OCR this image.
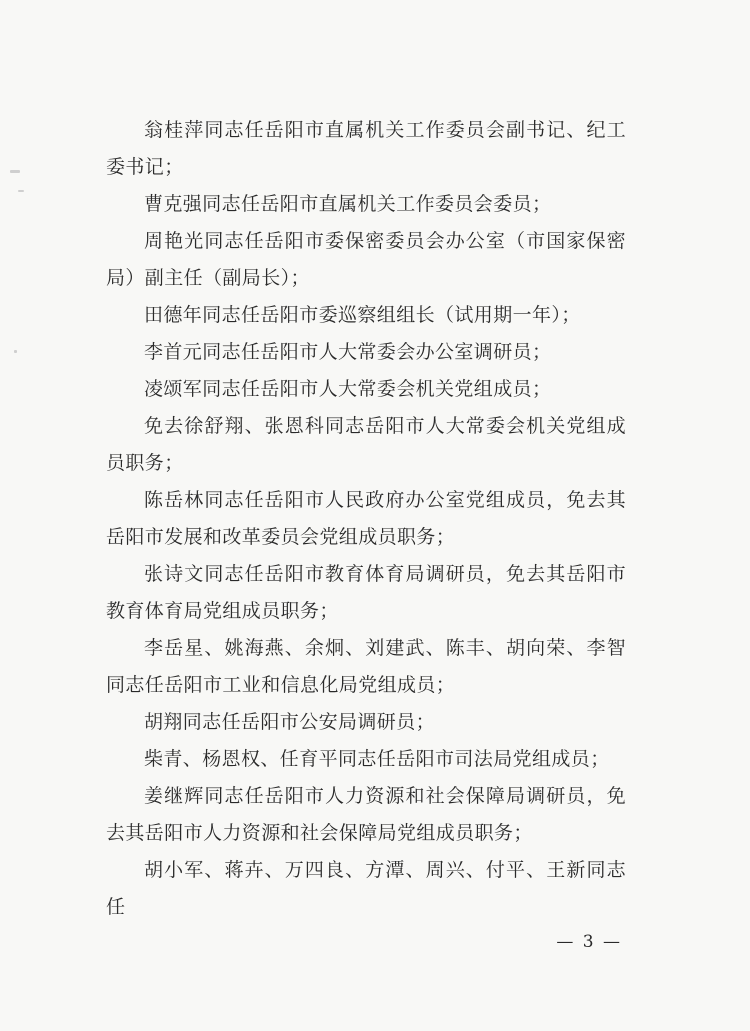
翁桂萍同志任岳阳市直属机关工作委员会副书记、纪工委书记；

曹克强同志任岳阳市直属机关工作委员会委员；

周艳光同志任岳阳市委保密委员会办公室（市国家保密局）副主任（副局长）；

田德年同志任岳阳市委巡察组组长（试用期一年）；

李首元同志任岳阳市人大常委会办公室调研员；

凌颂军同志任岳阳市人大常委会机关党组成员；

免去徐舒翔、张恩科同志岳阳市人大常委会机关党组成员职务；

陈岳林同志任岳阳市人民政府办公室党组成员，免去其岳阳市发展和改革委员会党组成员职务；

张诗文同志任岳阳市教育体育局调研员，免去其岳阳市教育体育局党组成员职务；

李岳星、姚海燕、余炯、刘建武、陈丰、胡向荣、李智同志任岳阳市工业和信息化局党组成员；

胡翔同志任岳阳市公安局调研员；

柴青、杨恩权、任育平同志任岳阳市司法局党组成员；

姜继辉同志任岳阳市人力资源和社会保障局调研员，免去其岳阳市人力资源和社会保障局党组成员职务；

胡小军、蒋卉、万四良、方潭、周兴、付平、王新同志任

— 3 —
